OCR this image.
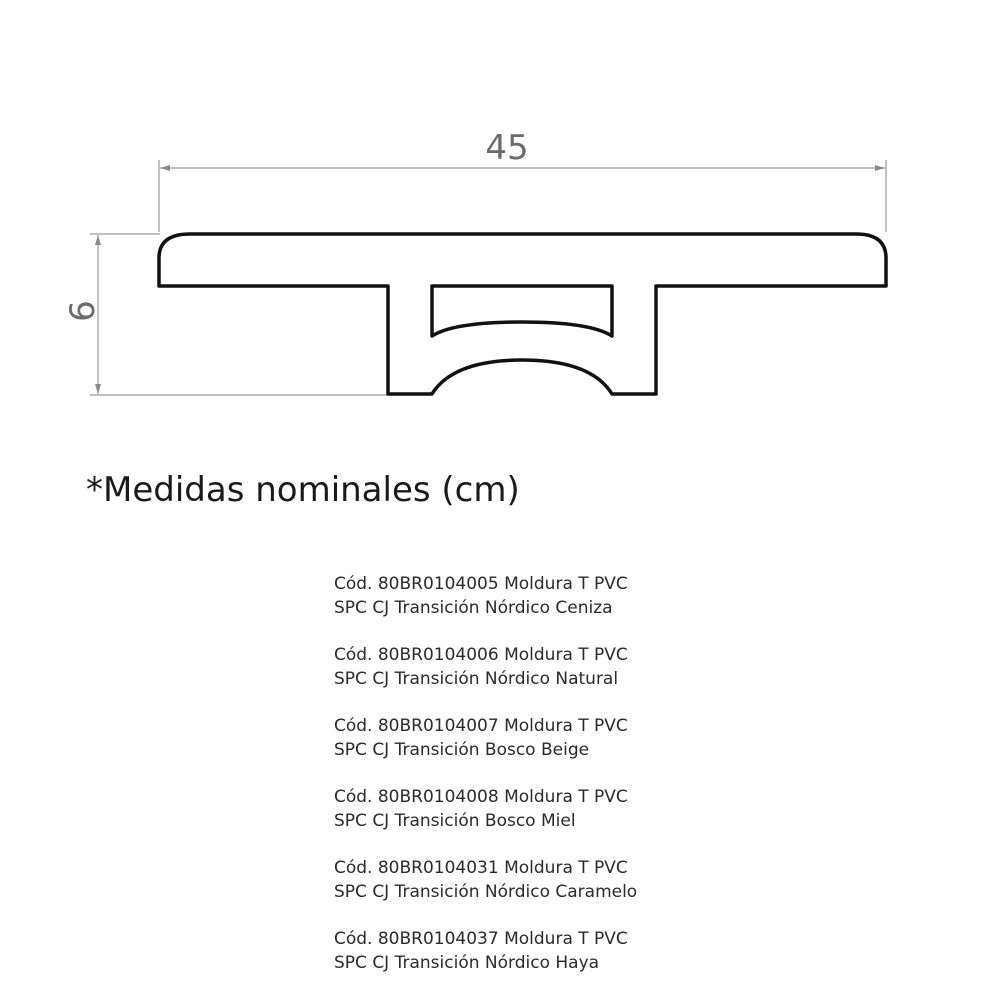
45
6
*Medidas nominales (cm)
Cód. 80BR0104005 Moldura T PVC
SPC CJ Transición Nórdico Ceniza
Cód. 80BR0104006 Moldura T PVC
SPC CJ Transición Nórdico Natural
Cód. 80BR0104007 Moldura T PVC
SPC CJ Transición Bosco Beige
Cód. 80BR0104008 Moldura T PVC
SPC CJ Transición Bosco Miel
Cód. 80BR0104031 Moldura T PVC
SPC CJ Transición Nórdico Caramelo
Cód. 80BR0104037 Moldura T PVC
SPC CJ Transición Nórdico Haya
